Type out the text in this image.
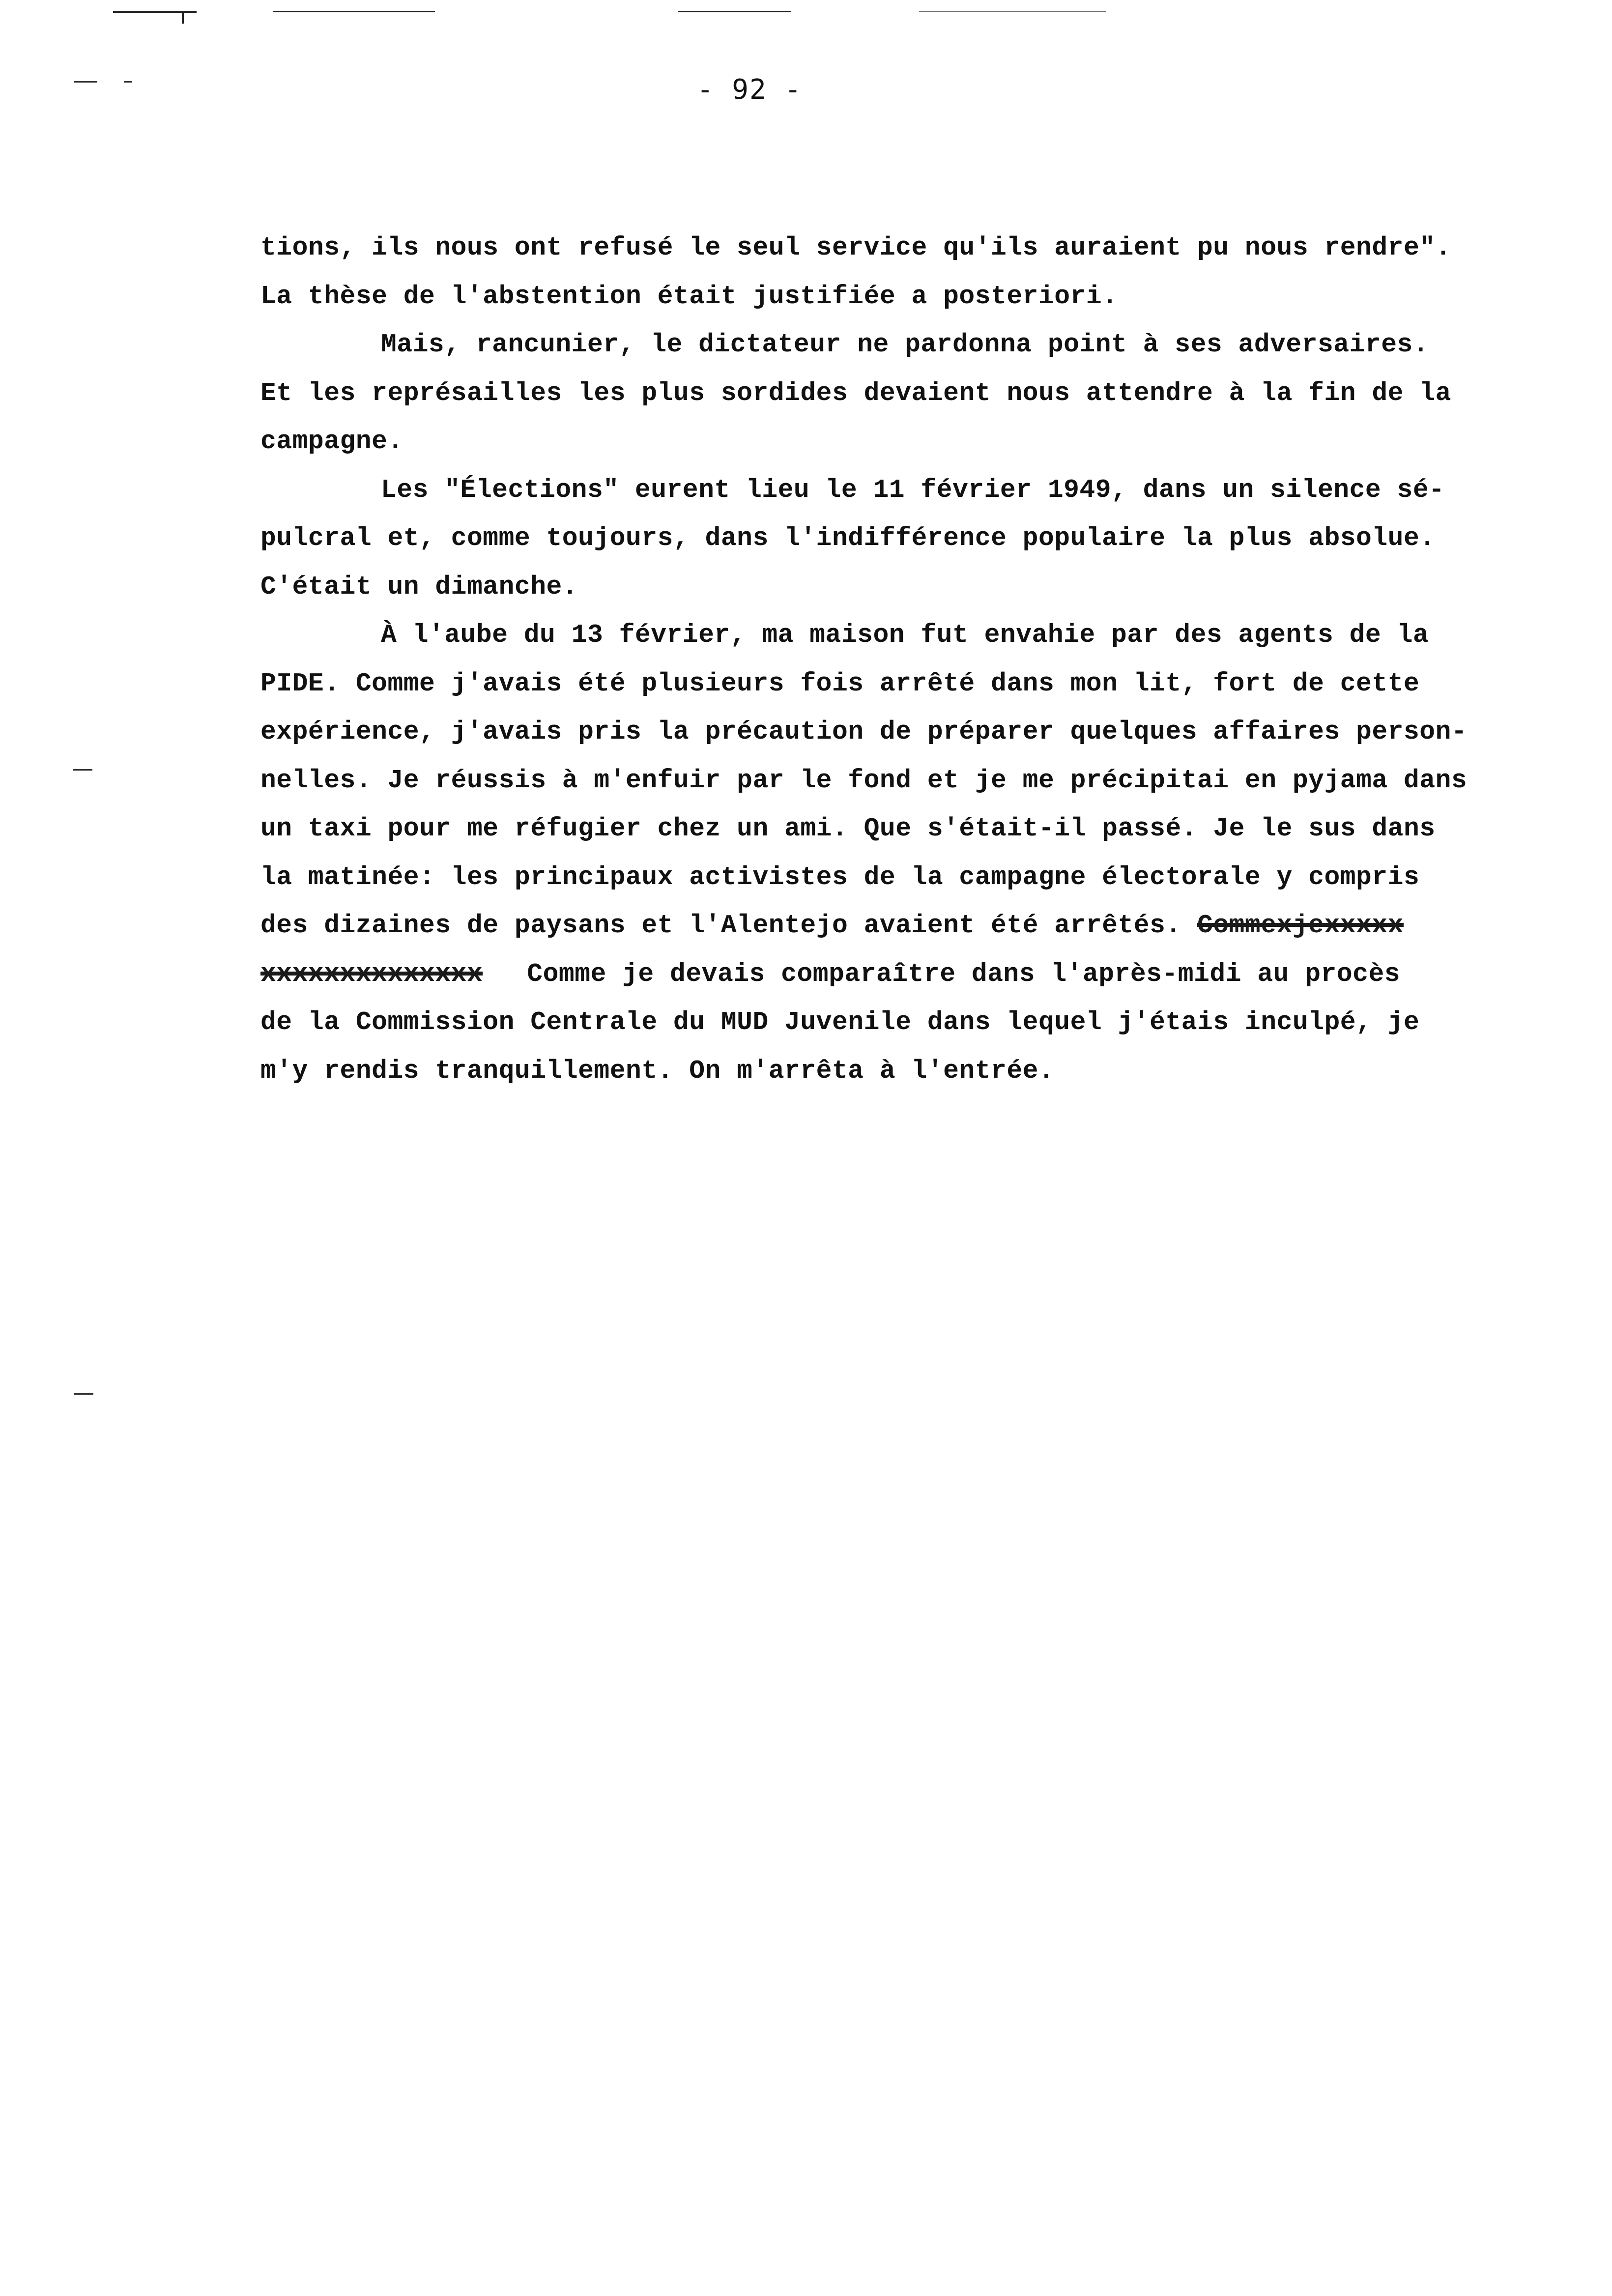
- 92 -
tions, ils nous ont refusé le seul service qu'ils auraient pu nous rendre".
La thèse de l'abstention était justifiée a posteriori.
Mais, rancunier, le dictateur ne pardonna point à ses adversaires.
Et les représailles les plus sordides devaient nous attendre à la fin de la
campagne.
Les "Élections" eurent lieu le 11 février 1949, dans un silence sé-
pulcral et, comme toujours, dans l'indifférence populaire la plus absolue.
C'était un dimanche.
À l'aube du 13 février, ma maison fut envahie par des agents de la
PIDE. Comme j'avais été plusieurs fois arrêté dans mon lit, fort de cette
expérience, j'avais pris la précaution de préparer quelques affaires person-
nelles. Je réussis à m'enfuir par le fond et je me précipitai en pyjama dans
un taxi pour me réfugier chez un ami. Que s'était-il passé. Je le sus dans
la matinée: les principaux activistes de la campagne électorale y compris
des dizaines de paysans et l'Alentejo avaient été arrêtés. Commexjexxxxx
xxxxxxxxxxxxxx Comme je devais comparaître dans l'après-midi au procès
de la Commission Centrale du MUD Juvenile dans lequel j'étais inculpé, je
m'y rendis tranquillement. On m'arrêta à l'entrée.
